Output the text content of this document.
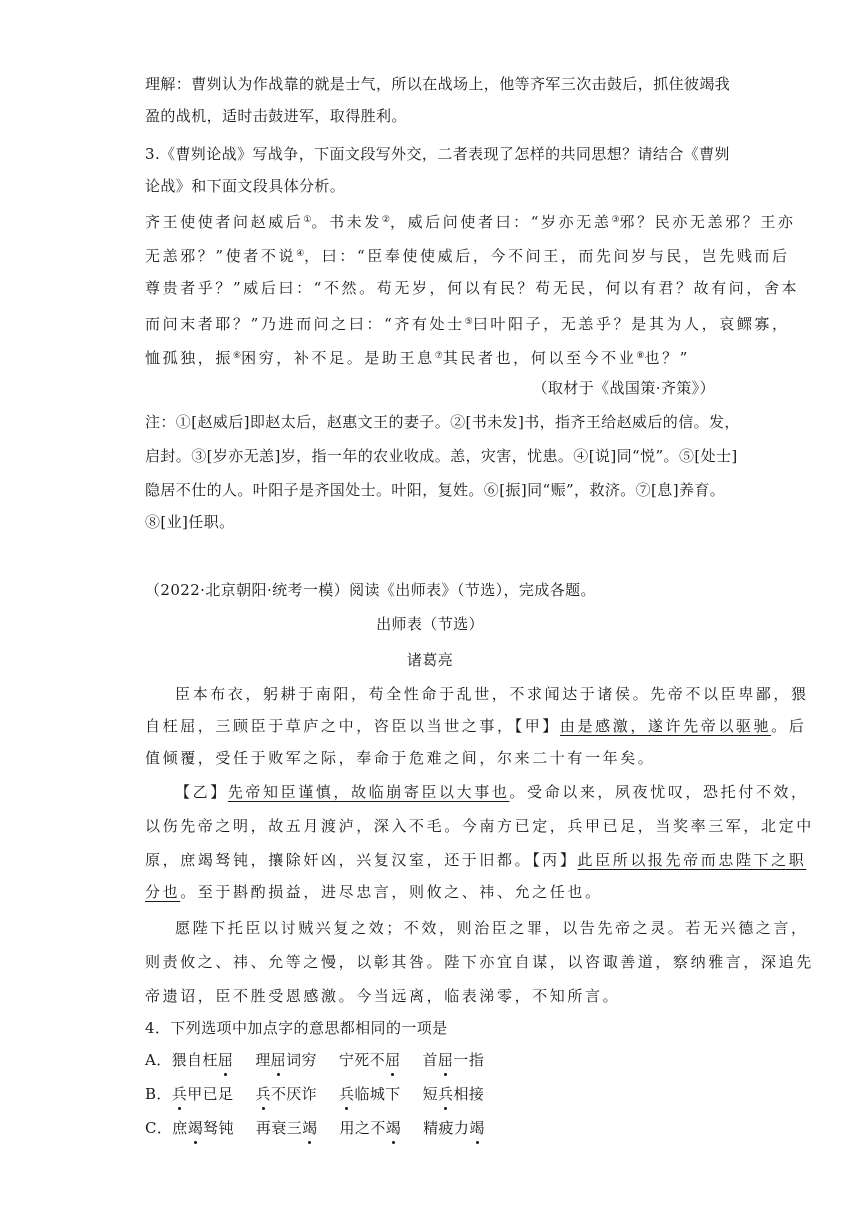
理解：曹刿认为作战靠的就是士气，所以在战场上，他等齐军三次击鼓后，抓住彼竭我
盈的战机，适时击鼓进军，取得胜利。
3.《曹刿论战》写战争，下面文段写外交，二者表现了怎样的共同思想？请结合《曹刿
论战》和下面文段具体分析。
齐王使使者问赵威后①。书未发②，威后问使者曰：“岁亦无恙③邪？民亦无恙邪？王亦
无恙邪？”使者不说④，曰：“臣奉使使威后，今不问王，而先问岁与民，岂先贱而后
尊贵者乎？”威后曰：“不然。苟无岁，何以有民？苟无民，何以有君？故有问，舍本
而问末者耶？”乃进而问之曰：“齐有处士⑤曰叶阳子，无恙乎？是其为人，哀鳏寡，
恤孤独，振⑥困穷，补不足。是助王息⑦其民者也，何以至今不业⑧也？”
（取材于《战国策·齐策》）
注：①[赵威后]即赵太后，赵惠文王的妻子。②[书未发]书，指齐王给赵威后的信。发，
启封。③[岁亦无恙]岁，指一年的农业收成。恙，灾害，忧患。④[说]同“悦”。⑤[处士]
隐居不仕的人。叶阳子是齐国处士。叶阳，复姓。⑥[振]同“赈”，救济。⑦[息]养育。
⑧[业]任职。
（2022·北京朝阳·统考一模）阅读《出师表》（节选），完成各题。
出师表（节选）
诸葛亮
臣本布衣，躬耕于南阳，苟全性命于乱世，不求闻达于诸侯。先帝不以臣卑鄙，猥
自枉屈，三顾臣于草庐之中，咨臣以当世之事，【甲】由是感激，遂许先帝以驱驰。后
值倾覆，受任于败军之际，奉命于危难之间，尔来二十有一年矣。
【乙】先帝知臣谨慎，故临崩寄臣以大事也。受命以来，夙夜忧叹，恐托付不效，
以伤先帝之明，故五月渡泸，深入不毛。今南方已定，兵甲已足，当奖率三军，北定中
原，庶竭驽钝，攘除奸凶，兴复汉室，还于旧都。【丙】此臣所以报先帝而忠陛下之职
分也。至于斟酌损益，进尽忠言，则攸之、祎、允之任也。
愿陛下托臣以讨贼兴复之效；不效，则治臣之罪，以告先帝之灵。若无兴德之言，
则责攸之、祎、允等之慢，以彰其咎。陛下亦宜自谋，以咨诹善道，察纳雅言，深追先
帝遗诏，臣不胜受恩感激。今当远离，临表涕零，不知所言。
4．下列选项中加点字的意思都相同的一项是
A．猥自枉屈 理屈词穷 宁死不屈 首屈一指
B．兵甲已足 兵不厌诈 兵临城下 短兵相接
C．庶竭驽钝 再衰三竭 用之不竭 精疲力竭
